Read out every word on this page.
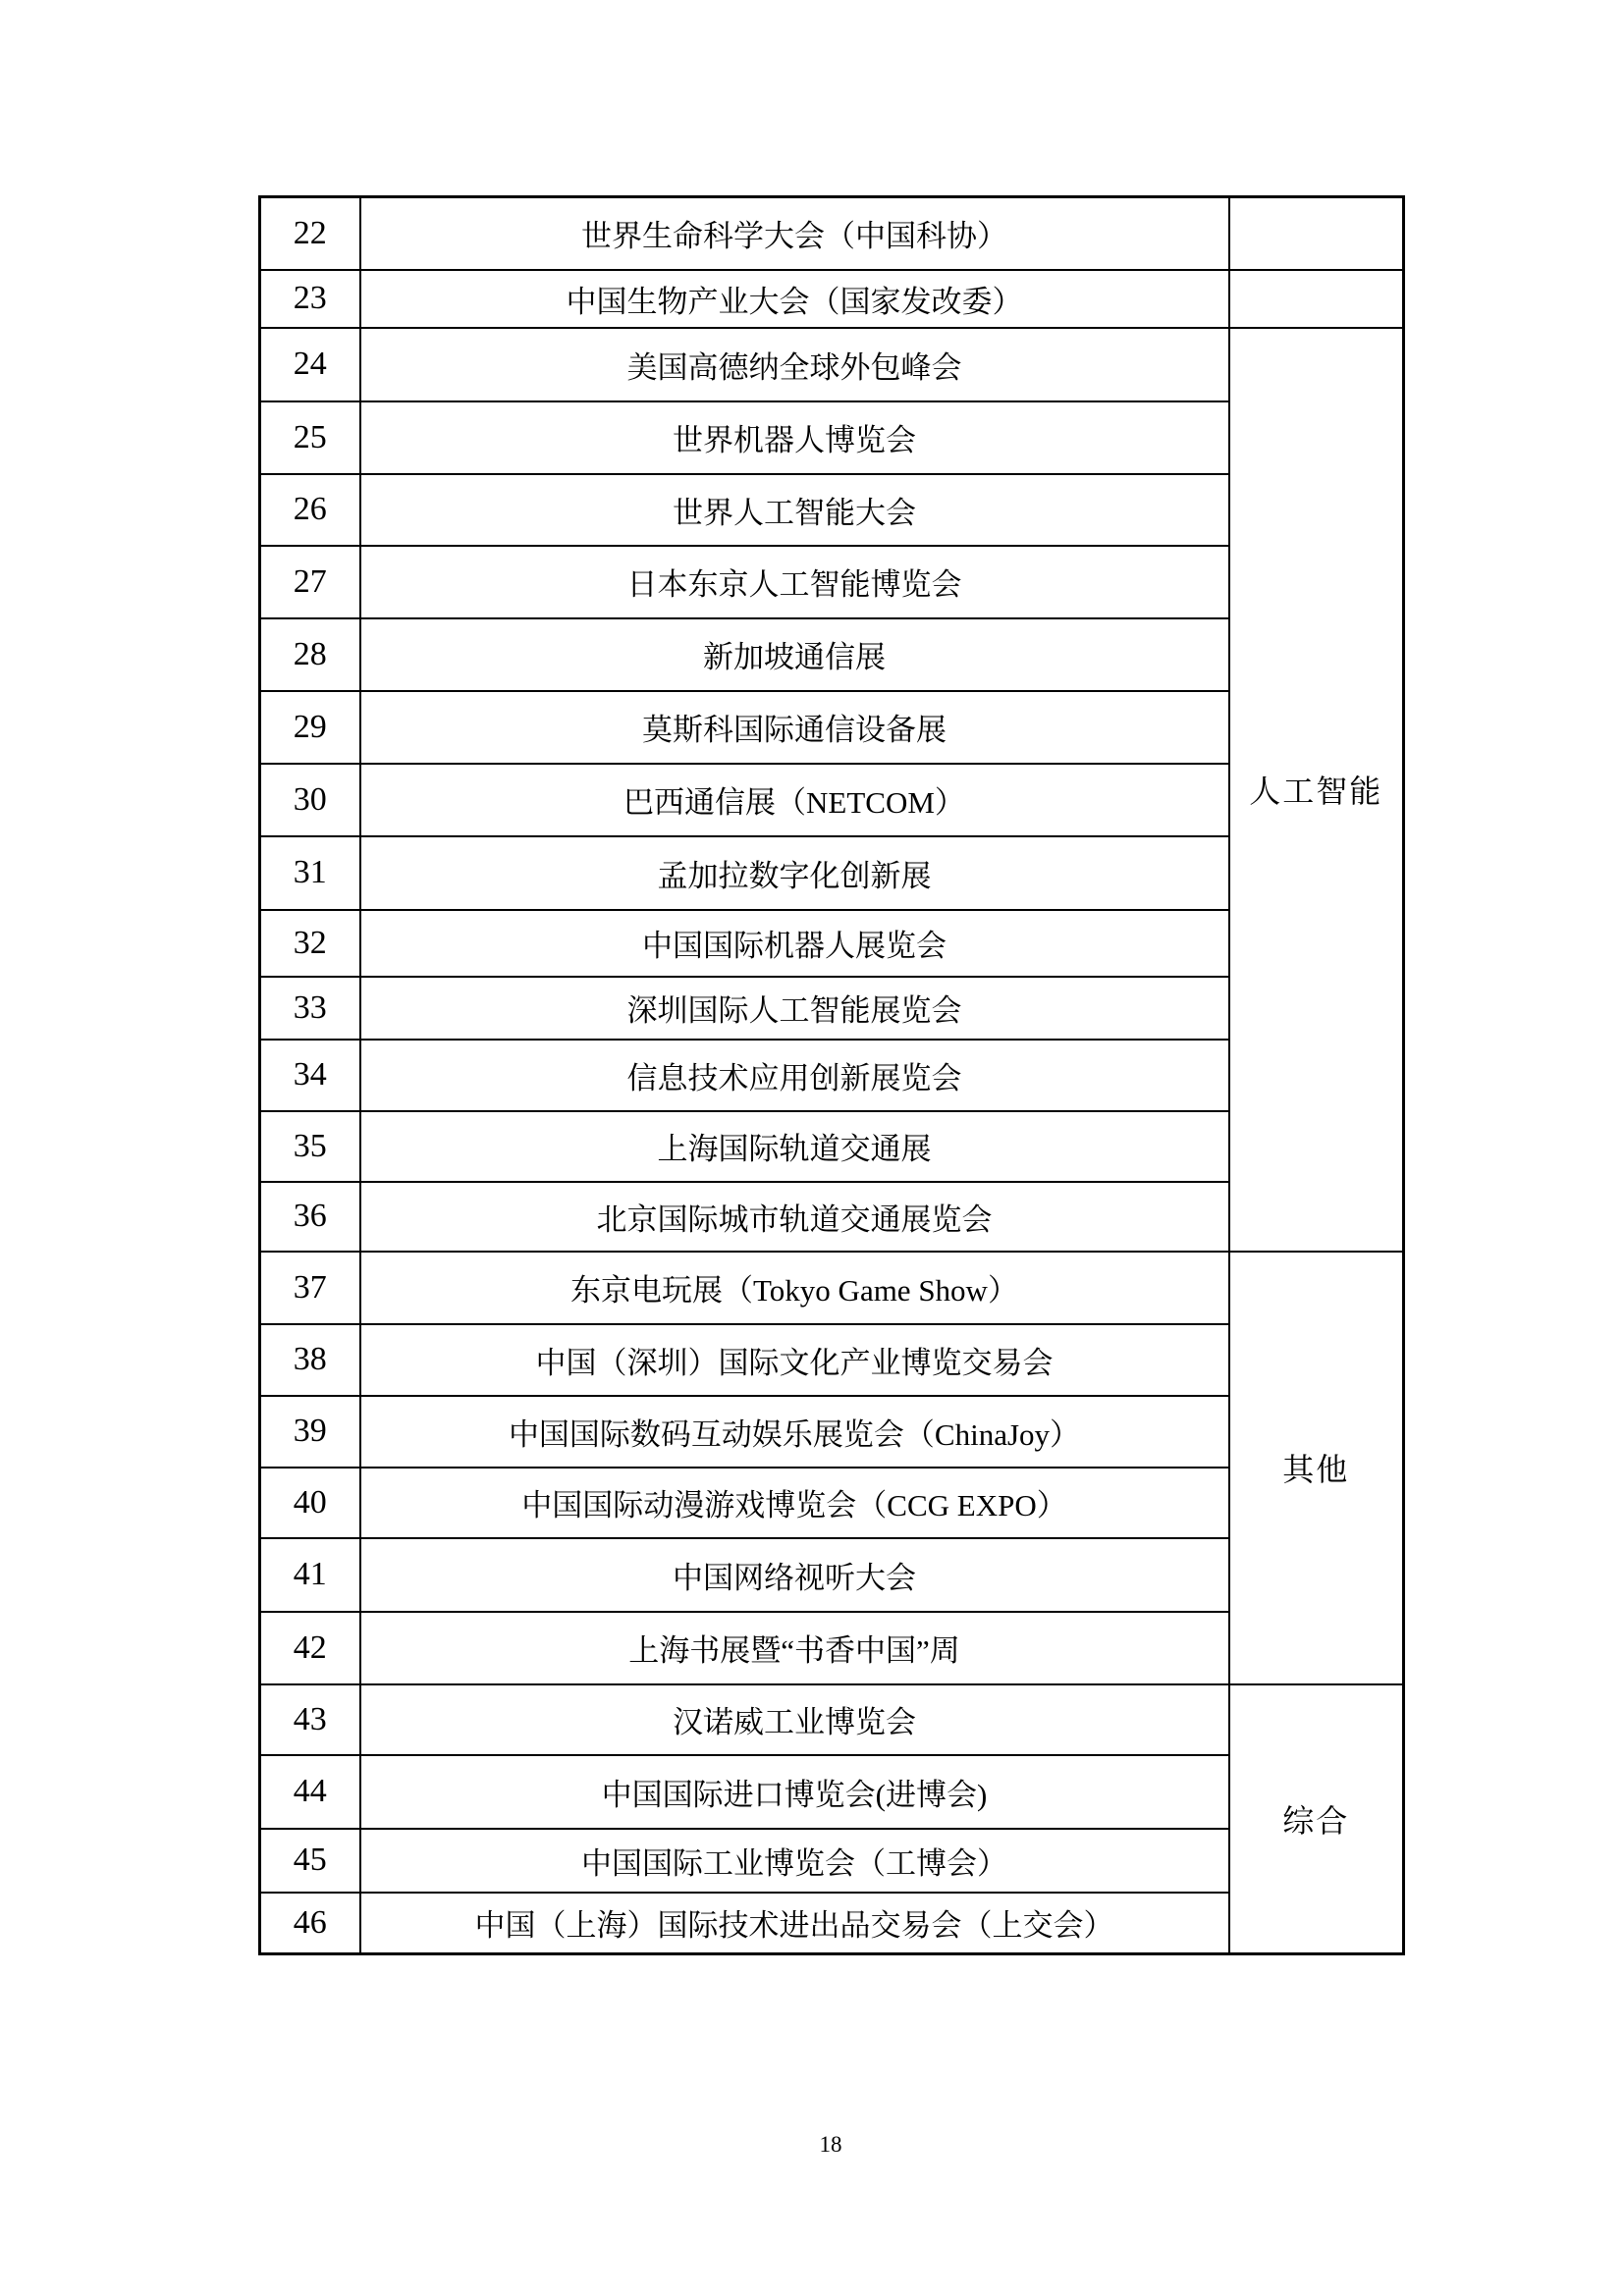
22	世界生命科学大会（中国科协）	
23	中国生物产业大会（国家发改委）	
24	美国高德纳全球外包峰会	人工智能
25	世界机器人博览会	
26	世界人工智能大会	
27	日本东京人工智能博览会	
28	新加坡通信展	
29	莫斯科国际通信设备展	
30	巴西通信展（NETCOM）	
31	孟加拉数字化创新展	
32	中国国际机器人展览会	
33	深圳国际人工智能展览会	
34	信息技术应用创新展览会	
35	上海国际轨道交通展	
36	北京国际城市轨道交通展览会	
37	东京电玩展（Tokyo Game Show）	其他
38	中国（深圳）国际文化产业博览交易会	
39	中国国际数码互动娱乐展览会（ChinaJoy）	
40	中国国际动漫游戏博览会（CCG EXPO）	
41	中国网络视听大会	
42	上海书展暨“书香中国”周	
43	汉诺威工业博览会	综合
44	中国国际进口博览会(进博会)	
45	中国国际工业博览会（工博会）	
46	中国（上海）国际技术进出品交易会（上交会）	
18
